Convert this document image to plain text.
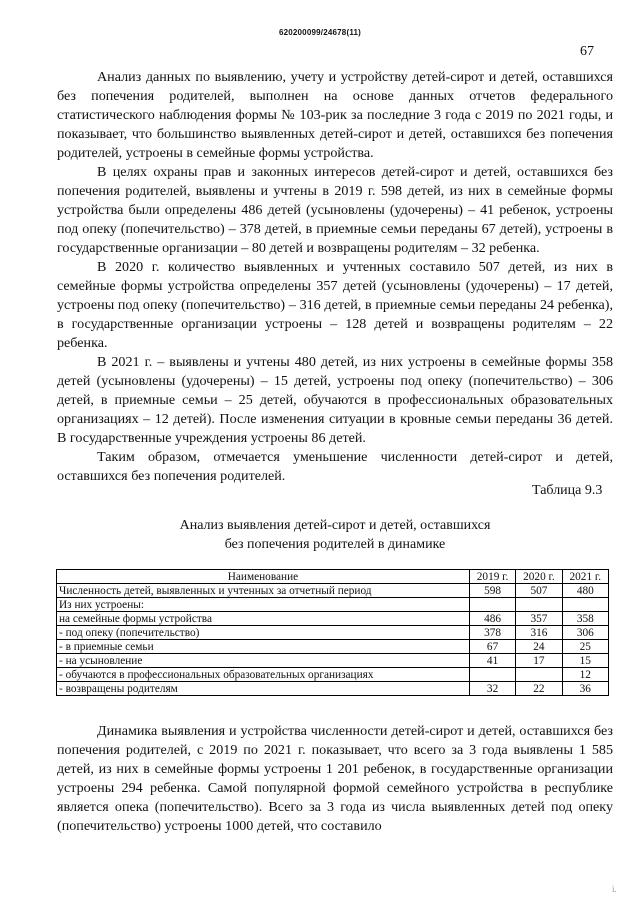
620200099/24678(11)
67

Анализ данных по выявлению, учету и устройству детей-сирот и детей, оставшихся без попечения родителей, выполнен на основе данных отчетов федерального статистического наблюдения формы № 103-рик за последние 3 года с 2019 по 2021 годы, и показывает, что большинство выявленных детей-сирот и детей, оставшихся без попечения родителей, устроены в семейные формы устройства.

В целях охраны прав и законных интересов детей-сирот и детей, оставшихся без попечения родителей, выявлены и учтены в 2019 г. 598 детей, из них в семейные формы устройства были определены 486 детей (усыновлены (удочерены) – 41 ребенок, устроены под опеку (попечительство) – 378 детей, в приемные семьи переданы 67 детей), устроены в государственные организации – 80 детей и возвращены родителям – 32 ребенка.

В 2020 г. количество выявленных и учтенных составило 507 детей, из них в семейные формы устройства определены 357 детей (усыновлены (удочерены) – 17 детей, устроены под опеку (попечительство) – 316 детей, в приемные семьи переданы 24 ребенка), в государственные организации устроены – 128 детей и возвращены родителям – 22 ребенка.

В 2021 г. – выявлены и учтены 480 детей, из них устроены в семейные формы 358 детей (усыновлены (удочерены) – 15 детей, устроены под опеку (попечительство) – 306 детей, в приемные семьи – 25 детей, обучаются в профессиональных образовательных организациях – 12 детей). После изменения ситуации в кровные семьи переданы 36 детей. В государственные учреждения устроены 86 детей.

Таким образом, отмечается уменьшение численности детей-сирот и детей, оставшихся без попечения родителей.

Таблица 9.3
Анализ выявления детей-сирот и детей, оставшихся
без попечения родителей в динамике
Наименование	2019 г.	2020 г.	2021 г.
Численность детей, выявленных и учтенных за отчетный период	598	507	480
Из них устроены:			
на семейные формы устройства	486	357	358
- под опеку (попечительство)	378	316	306
- в приемные семьи	67	24	25
- на усыновление	41	17	15
- обучаются в профессиональных образовательных организациях			12
- возвращены родителям	32	22	36

Динамика выявления и устройства численности детей-сирот и детей, оставшихся без попечения родителей, с 2019 по 2021 г. показывает, что всего за 3 года выявлены 1 585 детей, из них в семейные формы устроены 1 201 ребенок, в государственные организации устроены 294 ребенка. Самой популярной формой семейного устройства в республике является опека (попечительство). Всего за 3 года из числа выявленных детей под опеку (попечительство) устроены 1000 детей, что составило

i.
